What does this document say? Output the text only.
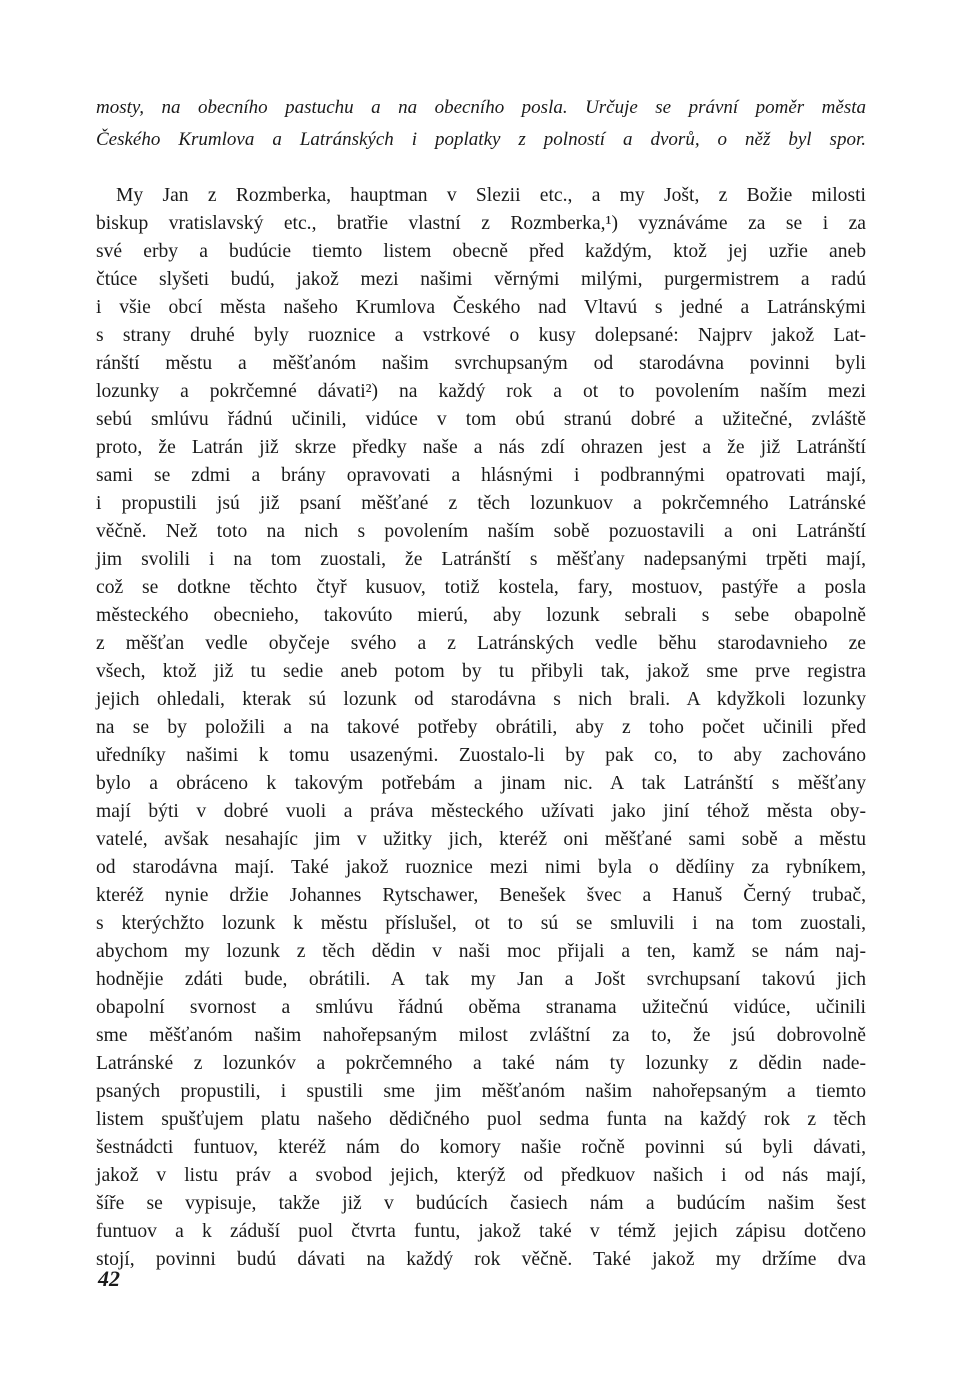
mosty, na obecního pastuchu a na obecního posla. Určuje se právní poměr města
Českého Krumlova a Latránských i poplatky z polností a dvorů, o něž byl spor.
My Jan z Rozmberka, hauptman v Slezii etc., a my Jošt, z Božie milosti
biskup vratislavský etc., bratřie vlastní z Rozmberka,¹) vyznáváme za se i za
své erby a budúcie tiemto listem obecně před každým, ktož jej uzřie aneb
čtúce slyšeti budú, jakož mezi našimi věrnými milými, purgermistrem a radú
i všie obcí města našeho Krumlova Českého nad Vltavú s jedné a Latránskými
s strany druhé byly ruoznice a vstrkové o kusy dolepsané: Najprv jakož Lat-
ránští městu a měšťanóm našim svrchupsaným od starodávna povinni byli
lozunky a pokrčemné dávati²) na každý rok a ot to povolením naším mezi
sebú smlúvu řádnú učinili, vidúce v tom obú stranú dobré a užitečné, zvláště
proto, že Latrán již skrze předky naše a nás zdí ohrazen jest a že již Latránští
sami se zdmi a brány opravovati a hlásnými i podbrannými opatrovati mají,
i propustili jsú již psaní měšťané z těch lozunkuov a pokrčemného Latránské
věčně. Než toto na nich s povolením naším sobě pozuostavili a oni Latránští
jim svolili i na tom zuostali, že Latránští s měšťany nadepsanými trpěti mají,
což se dotkne těchto čtyř kusuov, totiž kostela, fary, mostuov, pastýře a posla
městeckého obecnieho, takovúto mierú, aby lozunk sebrali s sebe obapolně
z měšťan vedle obyčeje svého a z Latránských vedle běhu starodavnieho ze
všech, ktož již tu sedie aneb potom by tu přibyli tak, jakož sme prve registra
jejich ohledali, kterak sú lozunk od starodávna s nich brali. A kdyžkoli lozunky
na se by položili a na takové potřeby obrátili, aby z toho počet učinili před
uředníky našimi k tomu usazenými. Zuostalo-li by pak co, to aby zachováno
bylo a obráceno k takovým potřebám a jinam nic. A tak Latránští s měšťany
mají býti v dobré vuoli a práva městeckého užívati jako jiní téhož města oby-
vatelé, avšak nesahajíc jim v užitky jich, kteréž oni měšťané sami sobě a městu
od starodávna mají. Také jakož ruoznice mezi nimi byla o dědíiny za rybníkem,
kteréž nynie držie Johannes Rytschawer, Benešek švec a Hanuš Černý trubač,
s kterýchžto lozunk k městu příslušel, ot to sú se smluvili i na tom zuostali,
abychom my lozunk z těch dědin v naši moc přijali a ten, kamž se nám naj-
hodnějie zdáti bude, obrátili. A tak my Jan a Jošt svrchupsaní takovú jich
obapolní svornost a smlúvu řádnú oběma stranama užitečnú vidúce, učinili
sme měšťanóm našim nahořepsaným milost zvláštní za to, že jsú dobrovolně
Latránské z lozunkóv a pokrčemného a také nám ty lozunky z dědin nade-
psaných propustili, i spustili sme jim měšťanóm našim nahořepsaným a tiemto
listem spušťujem platu našeho dědičného puol sedma funta na každý rok z těch
šestnádcti funtuov, kteréž nám do komory našie ročně povinni sú byli dávati,
jakož v listu práv a svobod jejich, kterýž od předkuov našich i od nás mají,
šíře se vypisuje, takže již v budúcích časiech nám a budúcím našim šest
funtuov a k záduší puol čtvrta funtu, jakož také v témž jejich zápisu dotčeno
stojí, povinni budú dávati na každý rok věčně. Také jakož my držíme dva
42
